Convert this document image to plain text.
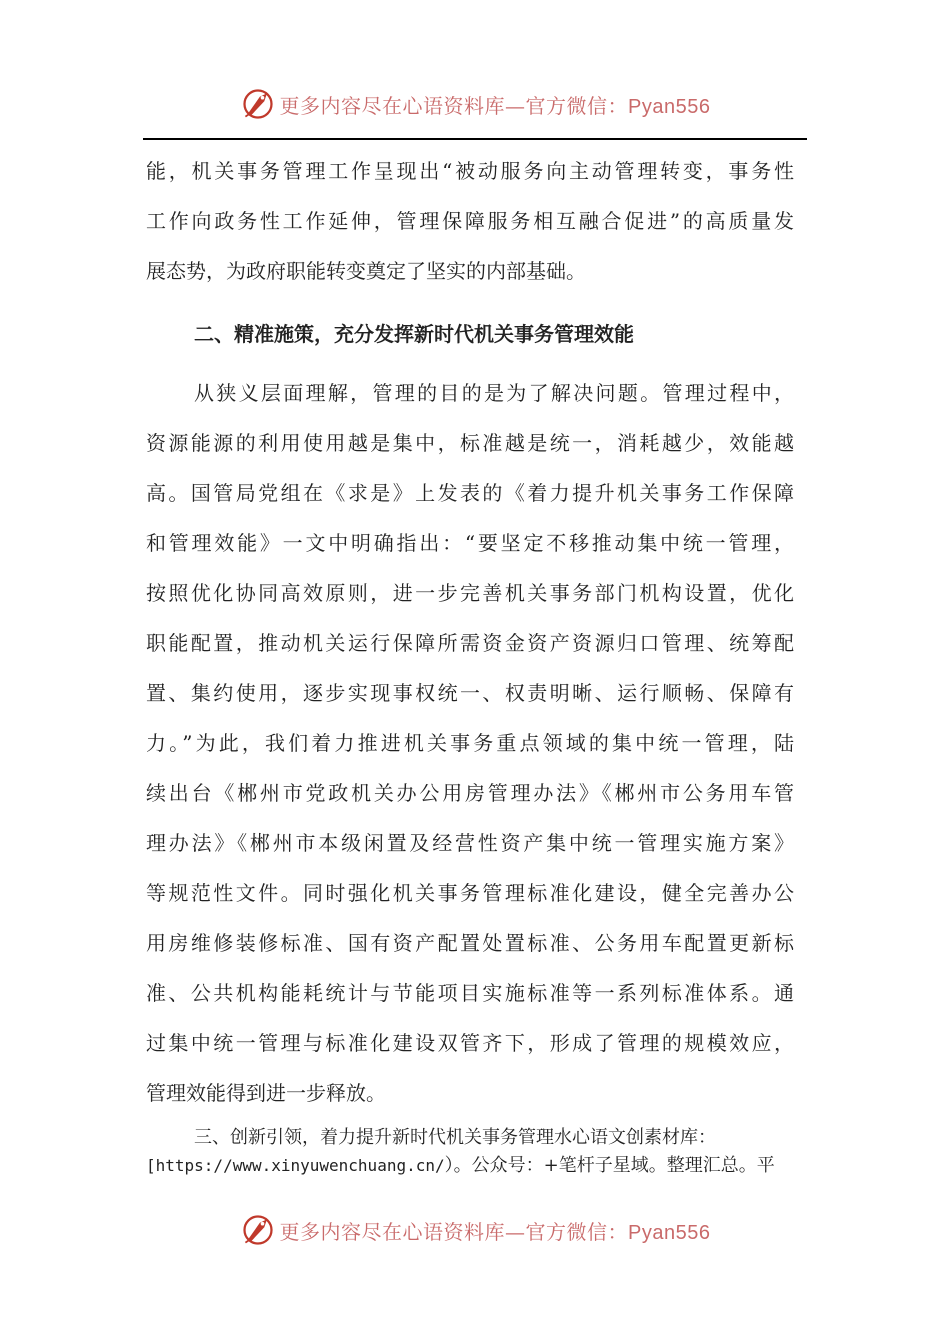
更多内容尽在心语资料库—官方微信：Pyan556
能，机关事务管理工作呈现出“被动服务向主动管理转变，事务性
工作向政务性工作延伸，管理保障服务相互融合促进”的高质量发
展态势，为政府职能转变奠定了坚实的内部基础。
二、精准施策，充分发挥新时代机关事务管理效能
从狭义层面理解，管理的目的是为了解决问题。管理过程中，
资源能源的利用使用越是集中，标准越是统一，消耗越少，效能越
高。国管局党组在《求是》上发表的《着力提升机关事务工作保障
和管理效能》一文中明确指出：“要坚定不移推动集中统一管理，
按照优化协同高效原则，进一步完善机关事务部门机构设置，优化
职能配置，推动机关运行保障所需资金资产资源归口管理、统筹配
置、集约使用，逐步实现事权统一、权责明晰、运行顺畅、保障有
力。”为此，我们着力推进机关事务重点领域的集中统一管理，陆
续出台《郴州市党政机关办公用房管理办法》《郴州市公务用车管
理办法》《郴州市本级闲置及经营性资产集中统一管理实施方案》
等规范性文件。同时强化机关事务管理标准化建设，健全完善办公
用房维修装修标准、国有资产配置处置标准、公务用车配置更新标
准、公共机构能耗统计与节能项目实施标准等一系列标准体系。通
过集中统一管理与标准化建设双管齐下，形成了管理的规模效应，
管理效能得到进一步释放。
三、创新引领，着力提升新时代机关事务管理水心语文创素材库：
[https://www.xinyuwenchuang.cn/）。公众号：+笔杆子星域。整理汇总。平
更多内容尽在心语资料库—官方微信：Pyan556
